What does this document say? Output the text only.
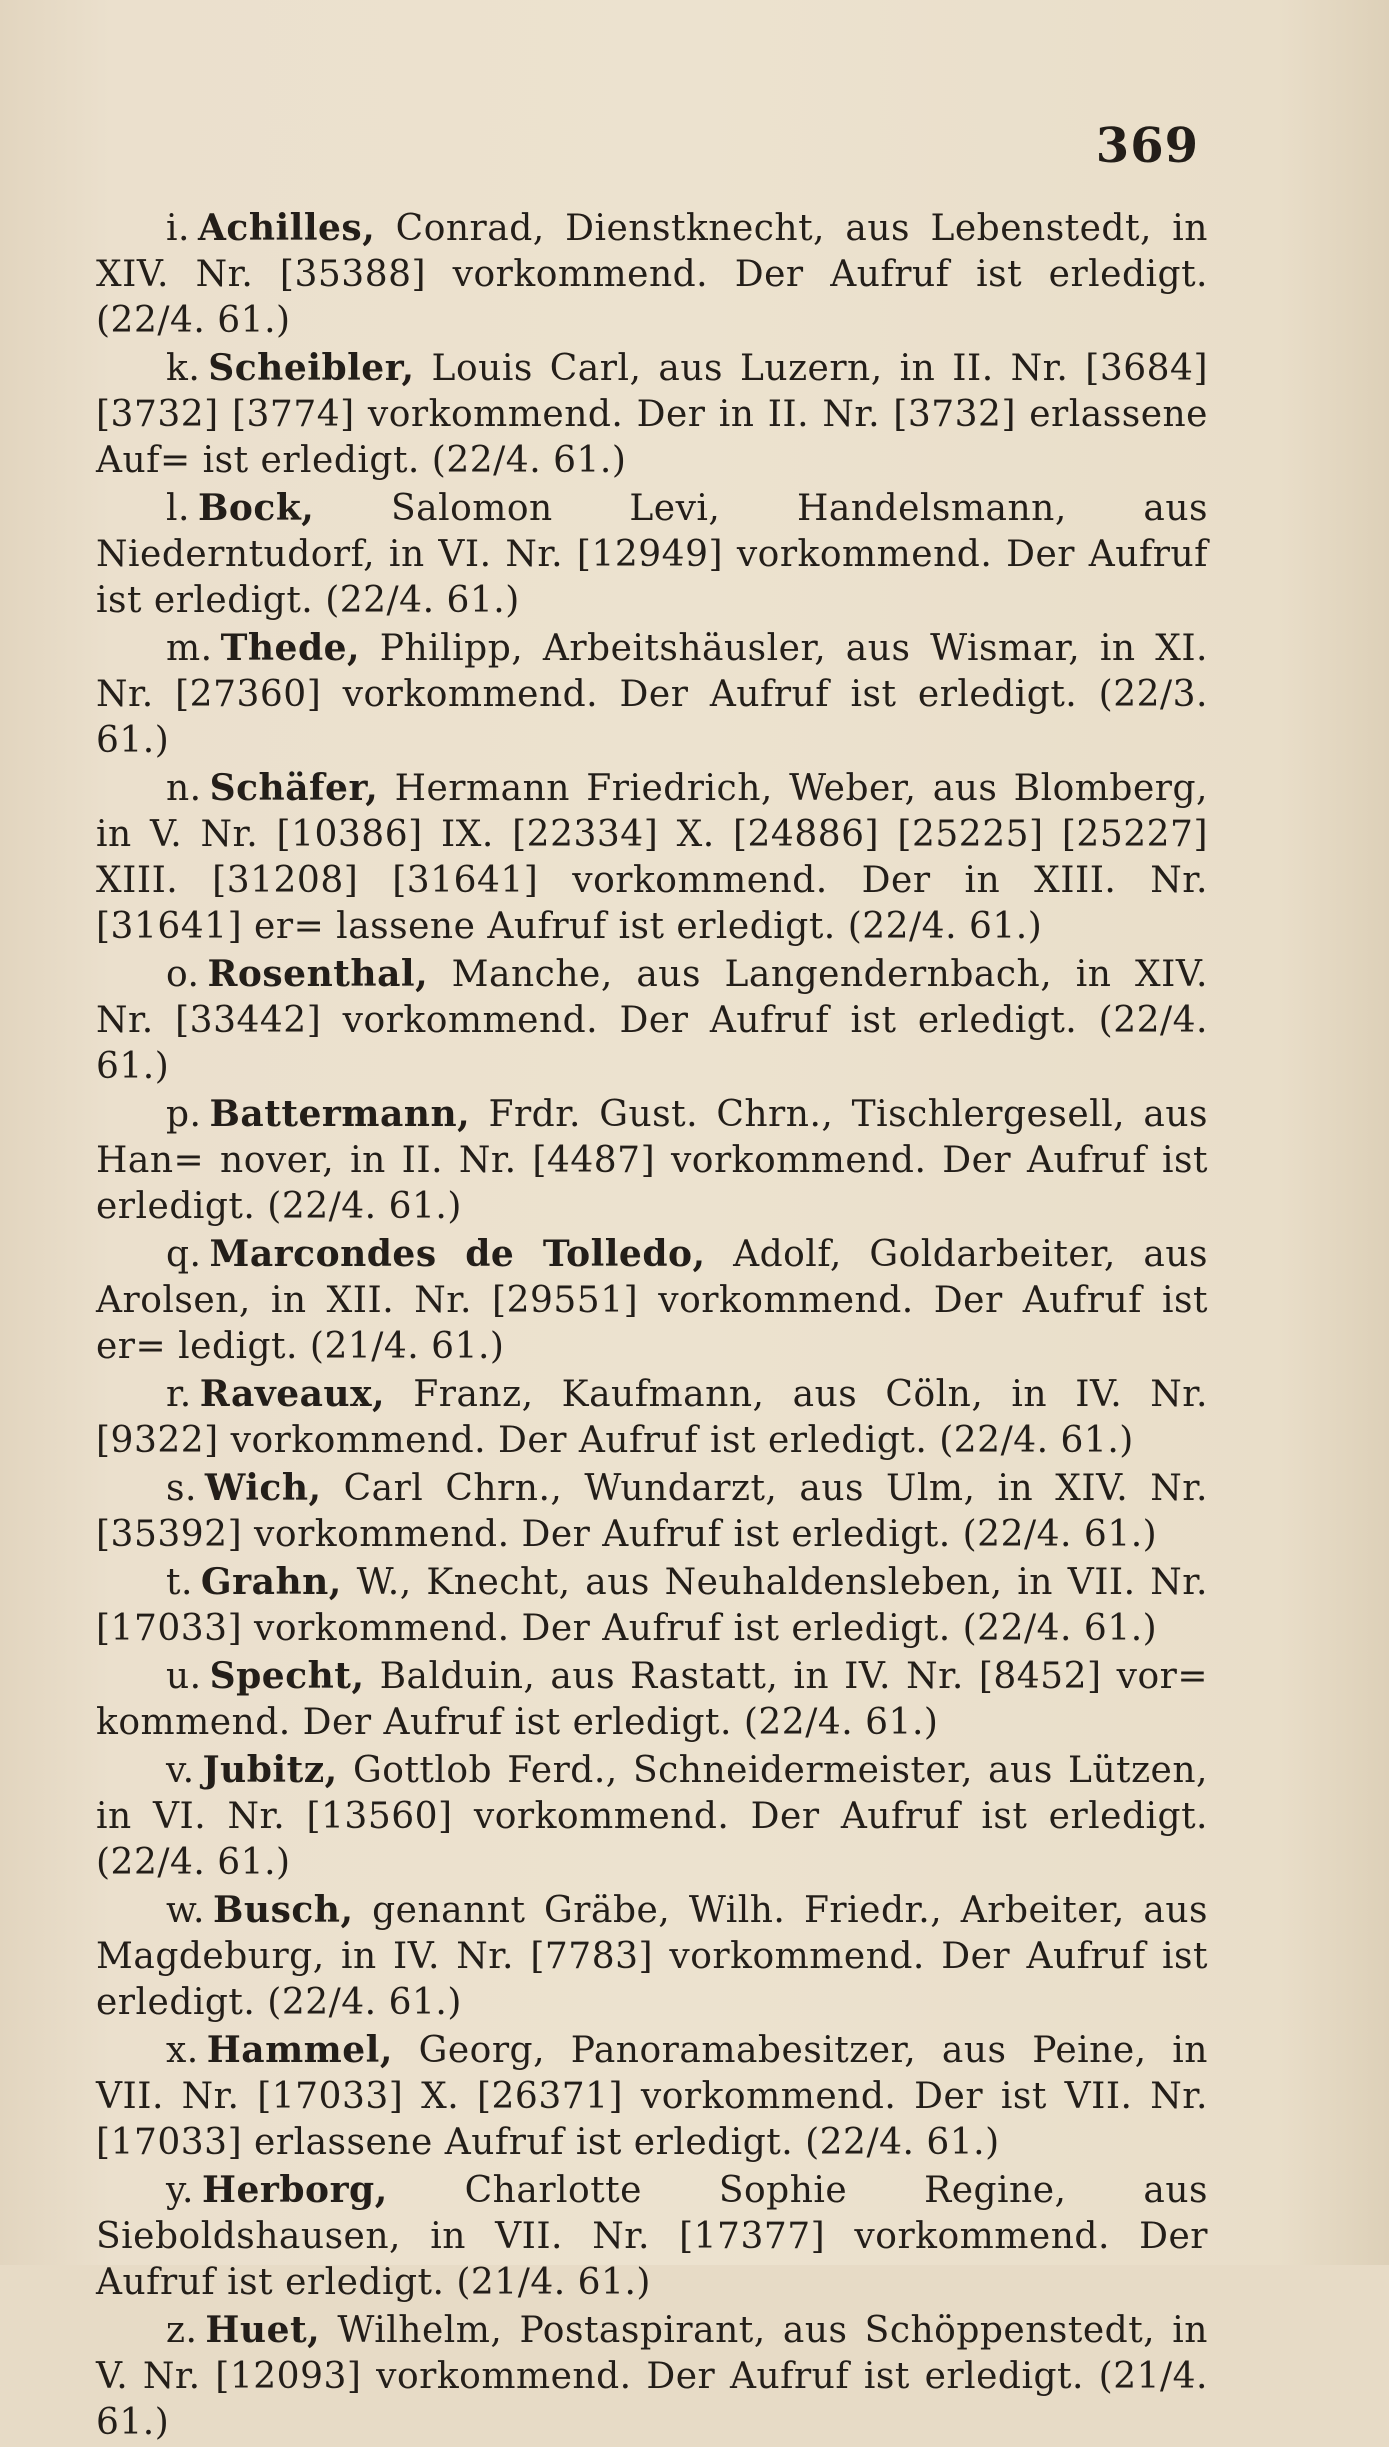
369

i. Achilles, Conrad, Dienstknecht, aus Lebenstedt, in XIV. Nr. [35388] vorkommend. Der Aufruf ist erledigt. (22/4. 61.)

k. Scheibler, Louis Carl, aus Luzern, in II. Nr. [3684] [3732] [3774] vorkommend. Der in II. Nr. [3732] erlassene Auf= ist erledigt. (22/4. 61.)

l. Bock, Salomon Levi, Handelsmann, aus Niederntudorf, in VI. Nr. [12949] vorkommend. Der Aufruf ist erledigt. (22/4. 61.)

m. Thede, Philipp, Arbeitshäusler, aus Wismar, in XI. Nr. [27360] vorkommend. Der Aufruf ist erledigt. (22/3. 61.)

n. Schäfer, Hermann Friedrich, Weber, aus Blomberg, in V. Nr. [10386] IX. [22334] X. [24886] [25225] [25227] XIII. [31208] [31641] vorkommend. Der in XIII. Nr. [31641] er= lassene Aufruf ist erledigt. (22/4. 61.)

o. Rosenthal, Manche, aus Langendernbach, in XIV. Nr. [33442] vorkommend. Der Aufruf ist erledigt. (22/4. 61.)

p. Battermann, Frdr. Gust. Chrn., Tischlergesell, aus Han= nover, in II. Nr. [4487] vorkommend. Der Aufruf ist erledigt. (22/4. 61.)

q. Marcondes de Tolledo, Adolf, Goldarbeiter, aus Arolsen, in XII. Nr. [29551] vorkommend. Der Aufruf ist er= ledigt. (21/4. 61.)

r. Raveaux, Franz, Kaufmann, aus Cöln, in IV. Nr. [9322] vorkommend. Der Aufruf ist erledigt. (22/4. 61.)

s. Wich, Carl Chrn., Wundarzt, aus Ulm, in XIV. Nr. [35392] vorkommend. Der Aufruf ist erledigt. (22/4. 61.)

t. Grahn, W., Knecht, aus Neuhaldensleben, in VII. Nr. [17033] vorkommend. Der Aufruf ist erledigt. (22/4. 61.)

u. Specht, Balduin, aus Rastatt, in IV. Nr. [8452] vor= kommend. Der Aufruf ist erledigt. (22/4. 61.)

v. Jubitz, Gottlob Ferd., Schneidermeister, aus Lützen, in VI. Nr. [13560] vorkommend. Der Aufruf ist erledigt. (22/4. 61.)

w. Busch, genannt Gräbe, Wilh. Friedr., Arbeiter, aus Magdeburg, in IV. Nr. [7783] vorkommend. Der Aufruf ist erledigt. (22/4. 61.)

x. Hammel, Georg, Panoramabesitzer, aus Peine, in VII. Nr. [17033] X. [26371] vorkommend. Der ist VII. Nr. [17033] erlassene Aufruf ist erledigt. (22/4. 61.)

y. Herborg, Charlotte Sophie Regine, aus Sieboldshausen, in VII. Nr. [17377] vorkommend. Der Aufruf ist erledigt. (21/4. 61.)

z. Huet, Wilhelm, Postaspirant, aus Schöppenstedt, in V. Nr. [12093] vorkommend. Der Aufruf ist erledigt. (21/4. 61.)
